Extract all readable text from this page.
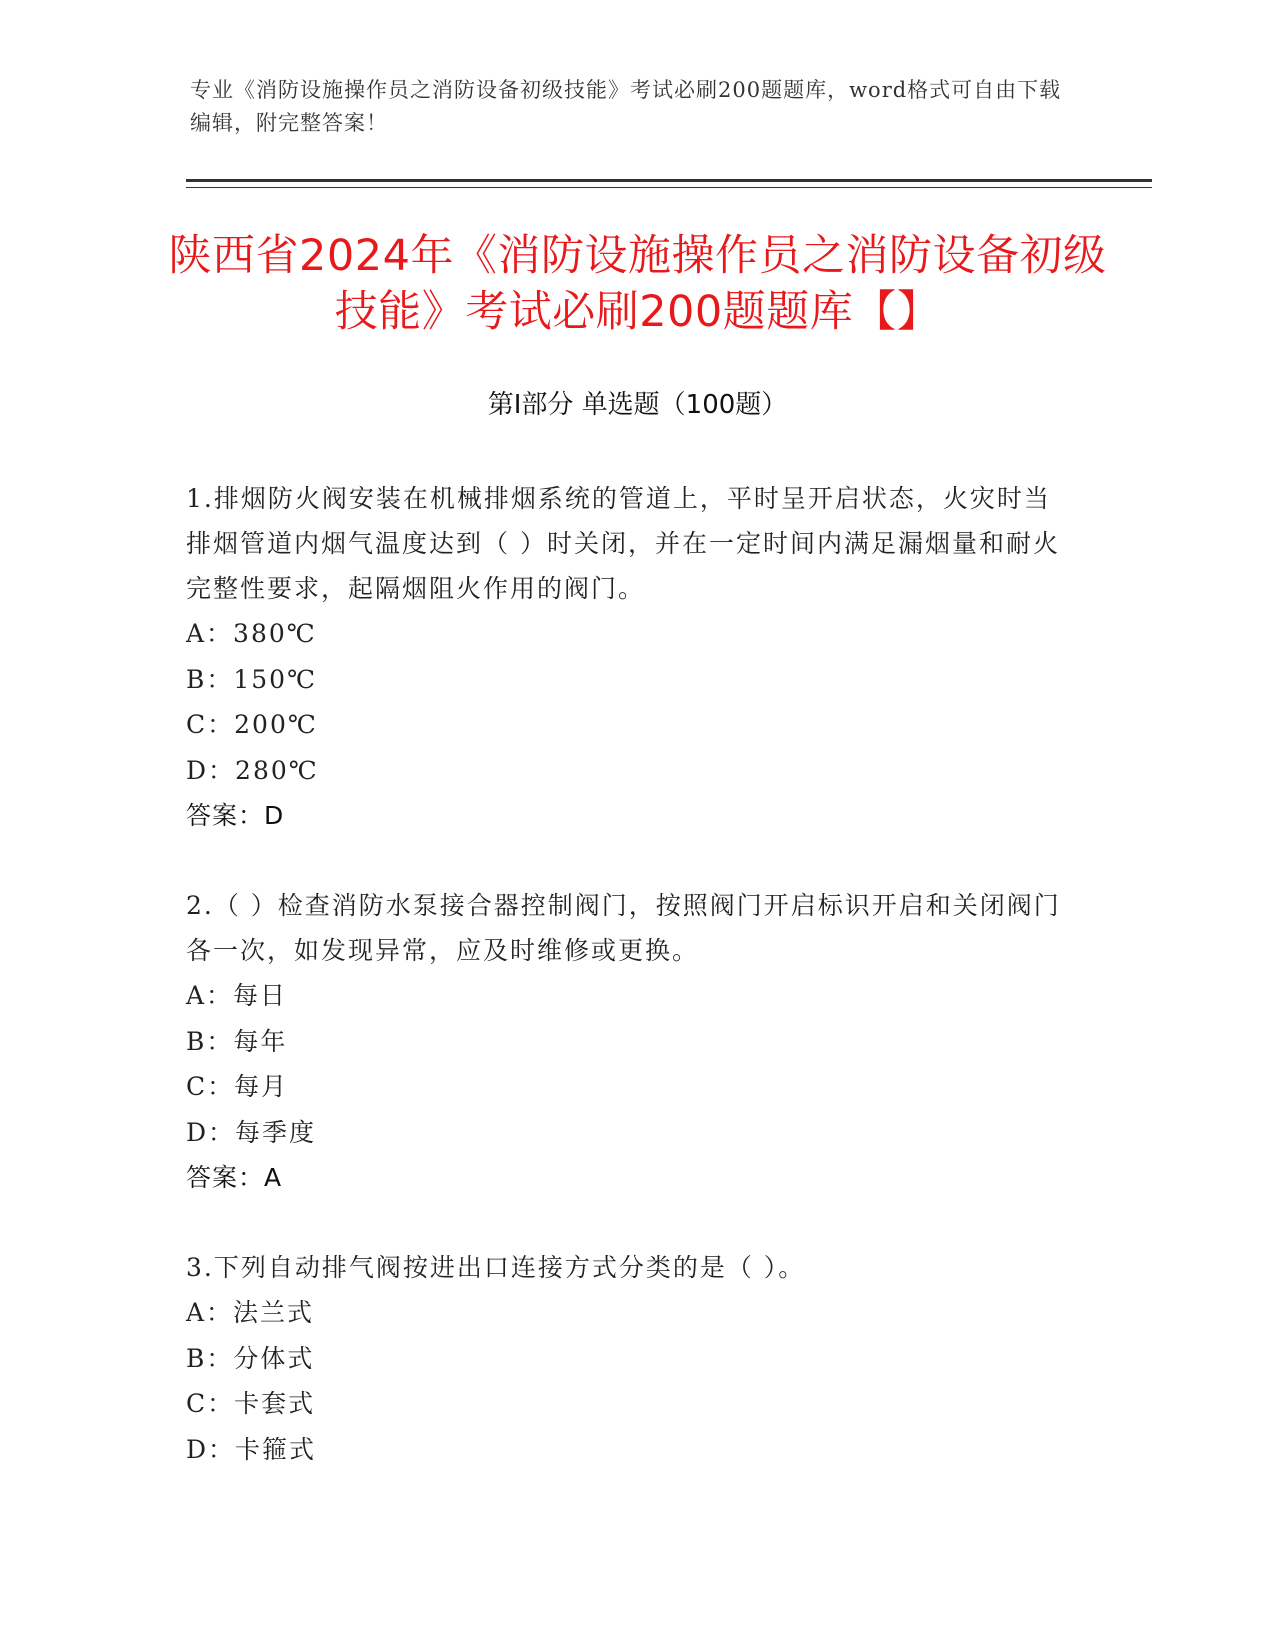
专业《消防设施操作员之消防设备初级技能》考试必刷200题题库，word格式可自由下载编辑，附完整答案！
陕西省2024年《消防设施操作员之消防设备初级技能》考试必刷200题题库【】
第I部分 单选题（100题）
1.排烟防火阀安装在机械排烟系统的管道上，平时呈开启状态，火灾时当排烟管道内烟气温度达到（ ）时关闭，并在一定时间内满足漏烟量和耐火完整性要求，起隔烟阻火作用的阀门。
A：380℃
B：150℃
C：200℃
D：280℃
答案：D
2.（ ）检查消防水泵接合器控制阀门，按照阀门开启标识开启和关闭阀门各一次，如发现异常，应及时维修或更换。
A：每日
B：每年
C：每月
D：每季度
答案：A
3.下列自动排气阀按进出口连接方式分类的是（ ）。
A：法兰式
B：分体式
C：卡套式
D：卡箍式
